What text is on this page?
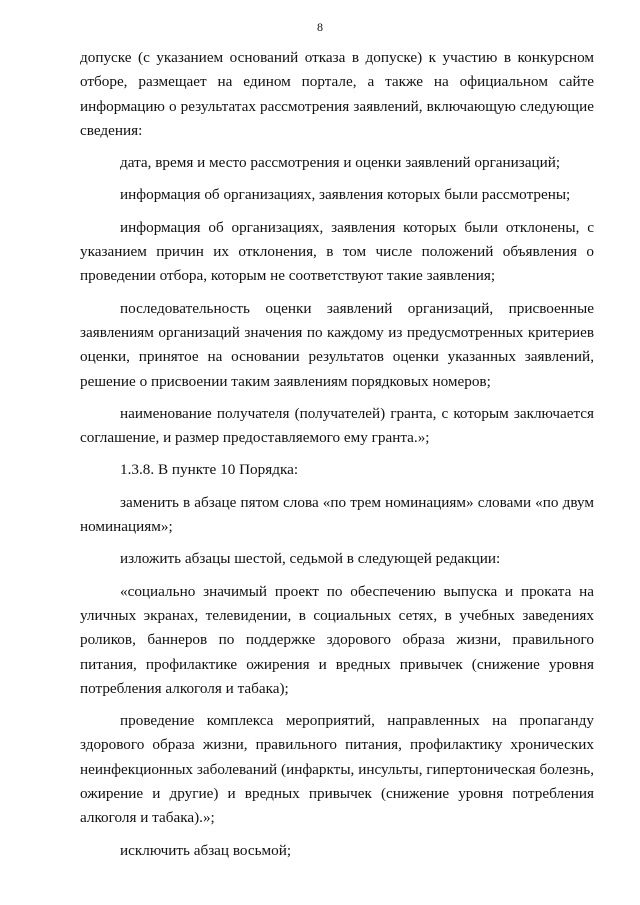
8

допуске (с указанием оснований отказа в допуске) к участию в конкурсном отборе, размещает на едином портале, а также на официальном сайте информацию о результатах рассмотрения заявлений, включающую следующие сведения:

дата, время и место рассмотрения и оценки заявлений организаций;

информация об организациях, заявления которых были рассмотрены;

информация об организациях, заявления которых были отклонены, с указанием причин их отклонения, в том числе положений объявления о проведении отбора, которым не соответствуют такие заявления;

последовательность оценки заявлений организаций, присвоенные заявлениям организаций значения по каждому из предусмотренных критериев оценки, принятое на основании результатов оценки указанных заявлений, решение о присвоении таким заявлениям порядковых номеров;

наименование получателя (получателей) гранта, с которым заключается соглашение, и размер предоставляемого ему гранта.»;

1.3.8. В пункте 10 Порядка:

заменить в абзаце пятом слова «по трем номинациям» словами «по двум номинациям»;

изложить абзацы шестой, седьмой в следующей редакции:

«социально значимый проект по обеспечению выпуска и проката на уличных экранах, телевидении, в социальных сетях, в учебных заведениях роликов, баннеров по поддержке здорового образа жизни, правильного питания, профилактике ожирения и вредных привычек (снижение уровня потребления алкоголя и табака);

проведение комплекса мероприятий, направленных на пропаганду здорового образа жизни, правильного питания, профилактику хронических неинфекционных заболеваний (инфаркты, инсульты, гипертоническая болезнь, ожирение и другие) и вредных привычек (снижение уровня потребления алкоголя и табака).»;

исключить абзац восьмой;
